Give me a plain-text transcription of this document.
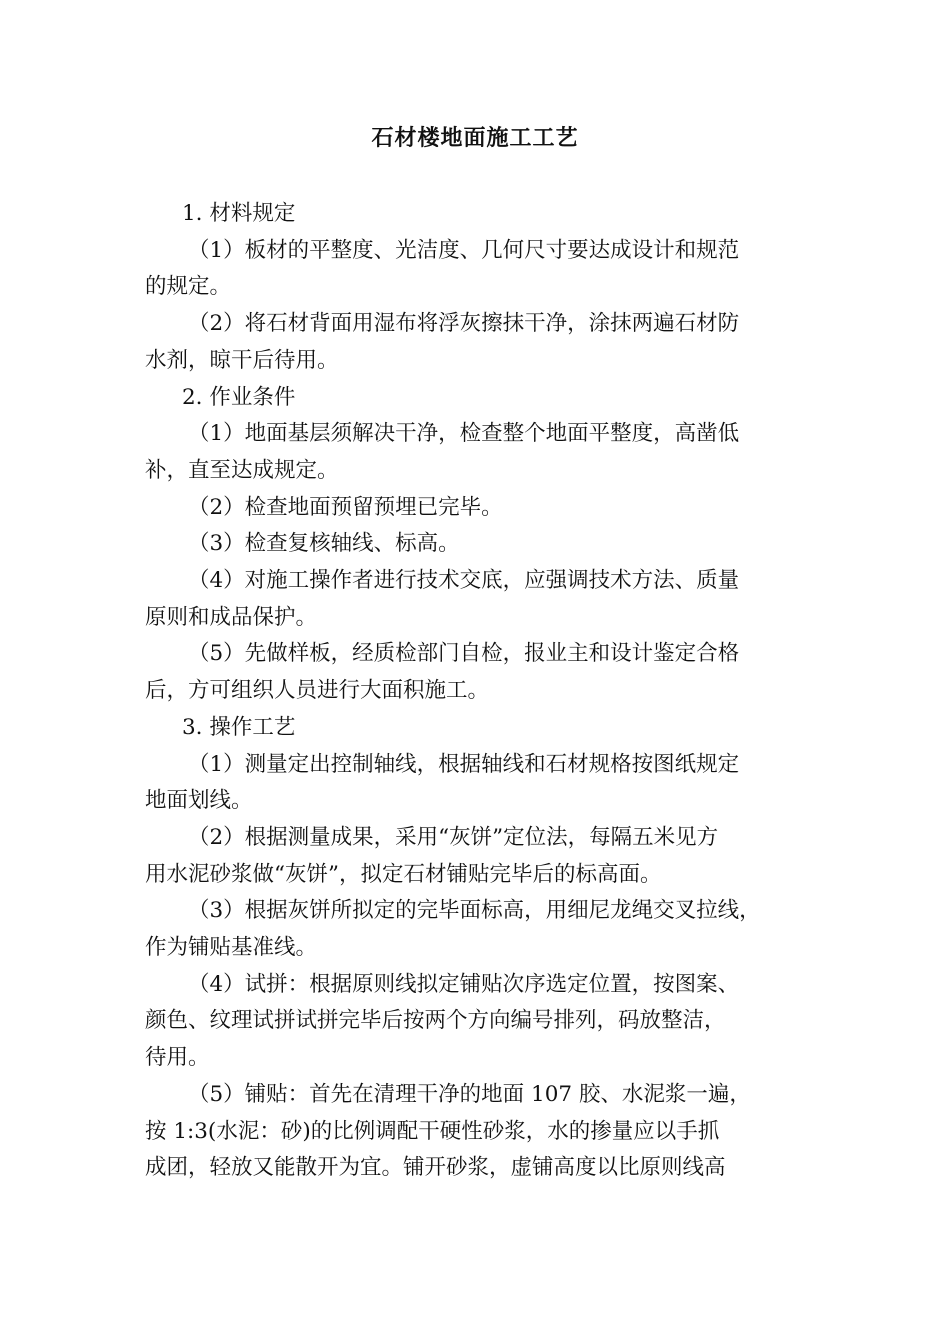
石材楼地面施工工艺

1. 材料规定

（1）板材的平整度、光洁度、几何尺寸要达成设计和规范
的规定。

（2）将石材背面用湿布将浮灰擦抹干净，涂抹两遍石材防
水剂，晾干后待用。

2. 作业条件

（1）地面基层须解决干净，检查整个地面平整度，高凿低
补，直至达成规定。

（2）检查地面预留预埋已完毕。

（3）检查复核轴线、标高。

（4）对施工操作者进行技术交底，应强调技术方法、质量
原则和成品保护。

（5）先做样板，经质检部门自检，报业主和设计鉴定合格
后，方可组织人员进行大面积施工。

3. 操作工艺

（1）测量定出控制轴线，根据轴线和石材规格按图纸规定
地面划线。

（2）根据测量成果，采用“灰饼”定位法，每隔五米见方
用水泥砂浆做“灰饼”，拟定石材铺贴完毕后的标高面。

（3）根据灰饼所拟定的完毕面标高，用细尼龙绳交叉拉线，
作为铺贴基准线。

（4）试拼：根据原则线拟定铺贴次序选定位置，按图案、
颜色、纹理试拼试拼完毕后按两个方向编号排列，码放整洁，
待用。

（5）铺贴：首先在清理干净的地面 107 胶、水泥浆一遍，
按 1:3(水泥：砂)的比例调配干硬性砂浆，水的掺量应以手抓
成团，轻放又能散开为宜。铺开砂浆，虚铺高度以比原则线高
